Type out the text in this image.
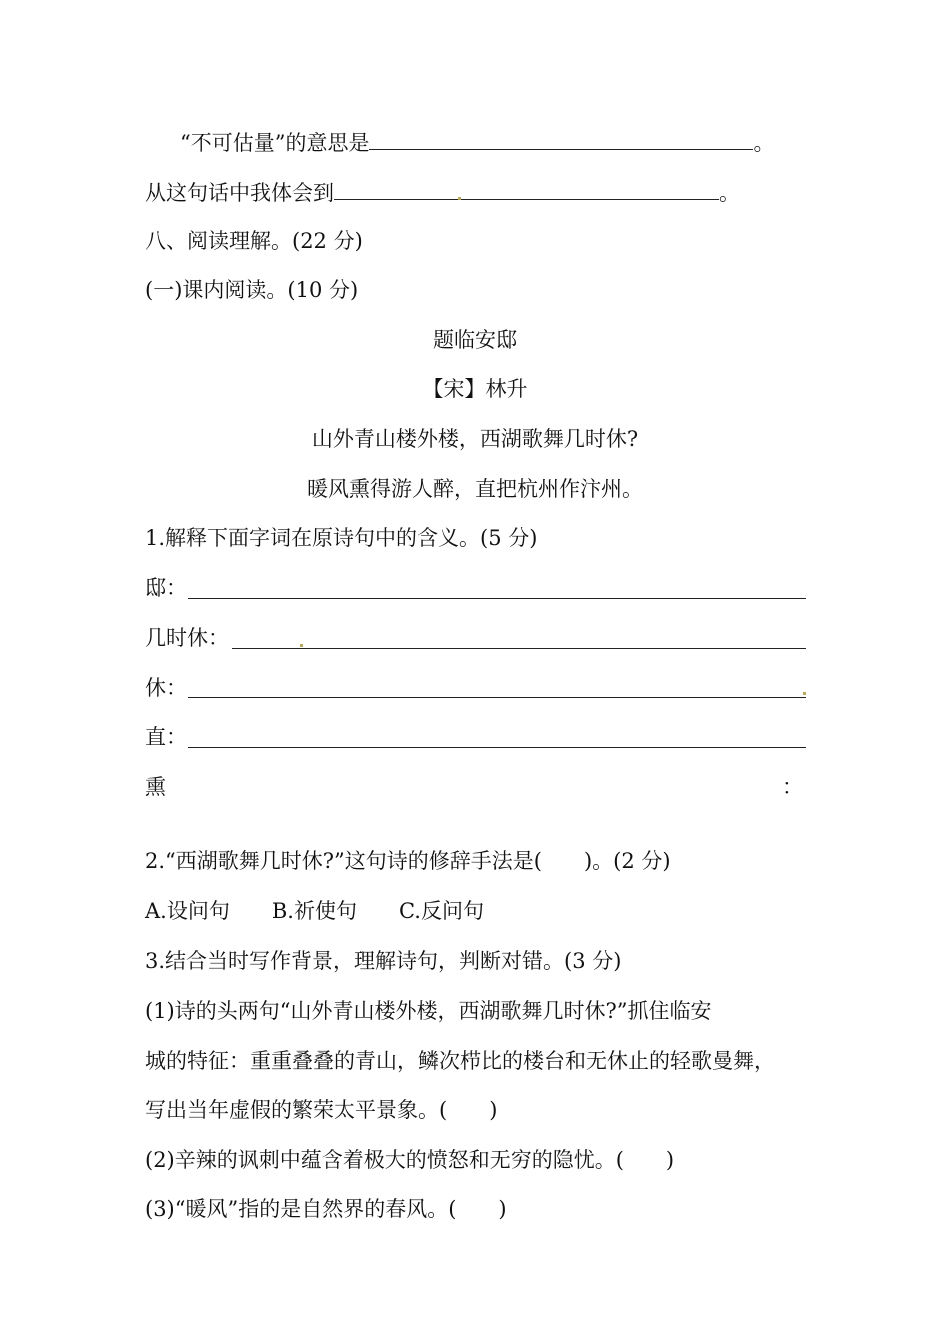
“不可估量”的意思是	。
从这句话中我体会到	。
八、阅读理解。(22 分)
(一)课内阅读。(10 分)
题临安邸
【宋】林升
山外青山楼外楼，西湖歌舞几时休?
暖风熏得游人醉，直把杭州作汴州。
1.解释下面字词在原诗句中的含义。(5 分)
邸：
几时休：
休：
直：
熏	：
2.“西湖歌舞几时休?”这句诗的修辞手法是(　　)。(2 分)
A.设问句　　B.祈使句　　C.反问句
3.结合当时写作背景，理解诗句，判断对错。(3 分)
(1)诗的头两句“山外青山楼外楼，西湖歌舞几时休?”抓住临安
城的特征：重重叠叠的青山，鳞次栉比的楼台和无休止的轻歌曼舞，
写出当年虚假的繁荣太平景象。(　　)
(2)辛辣的讽刺中蕴含着极大的愤怒和无穷的隐忧。(　　)
(3)“暖风”指的是自然界的春风。(　　)
